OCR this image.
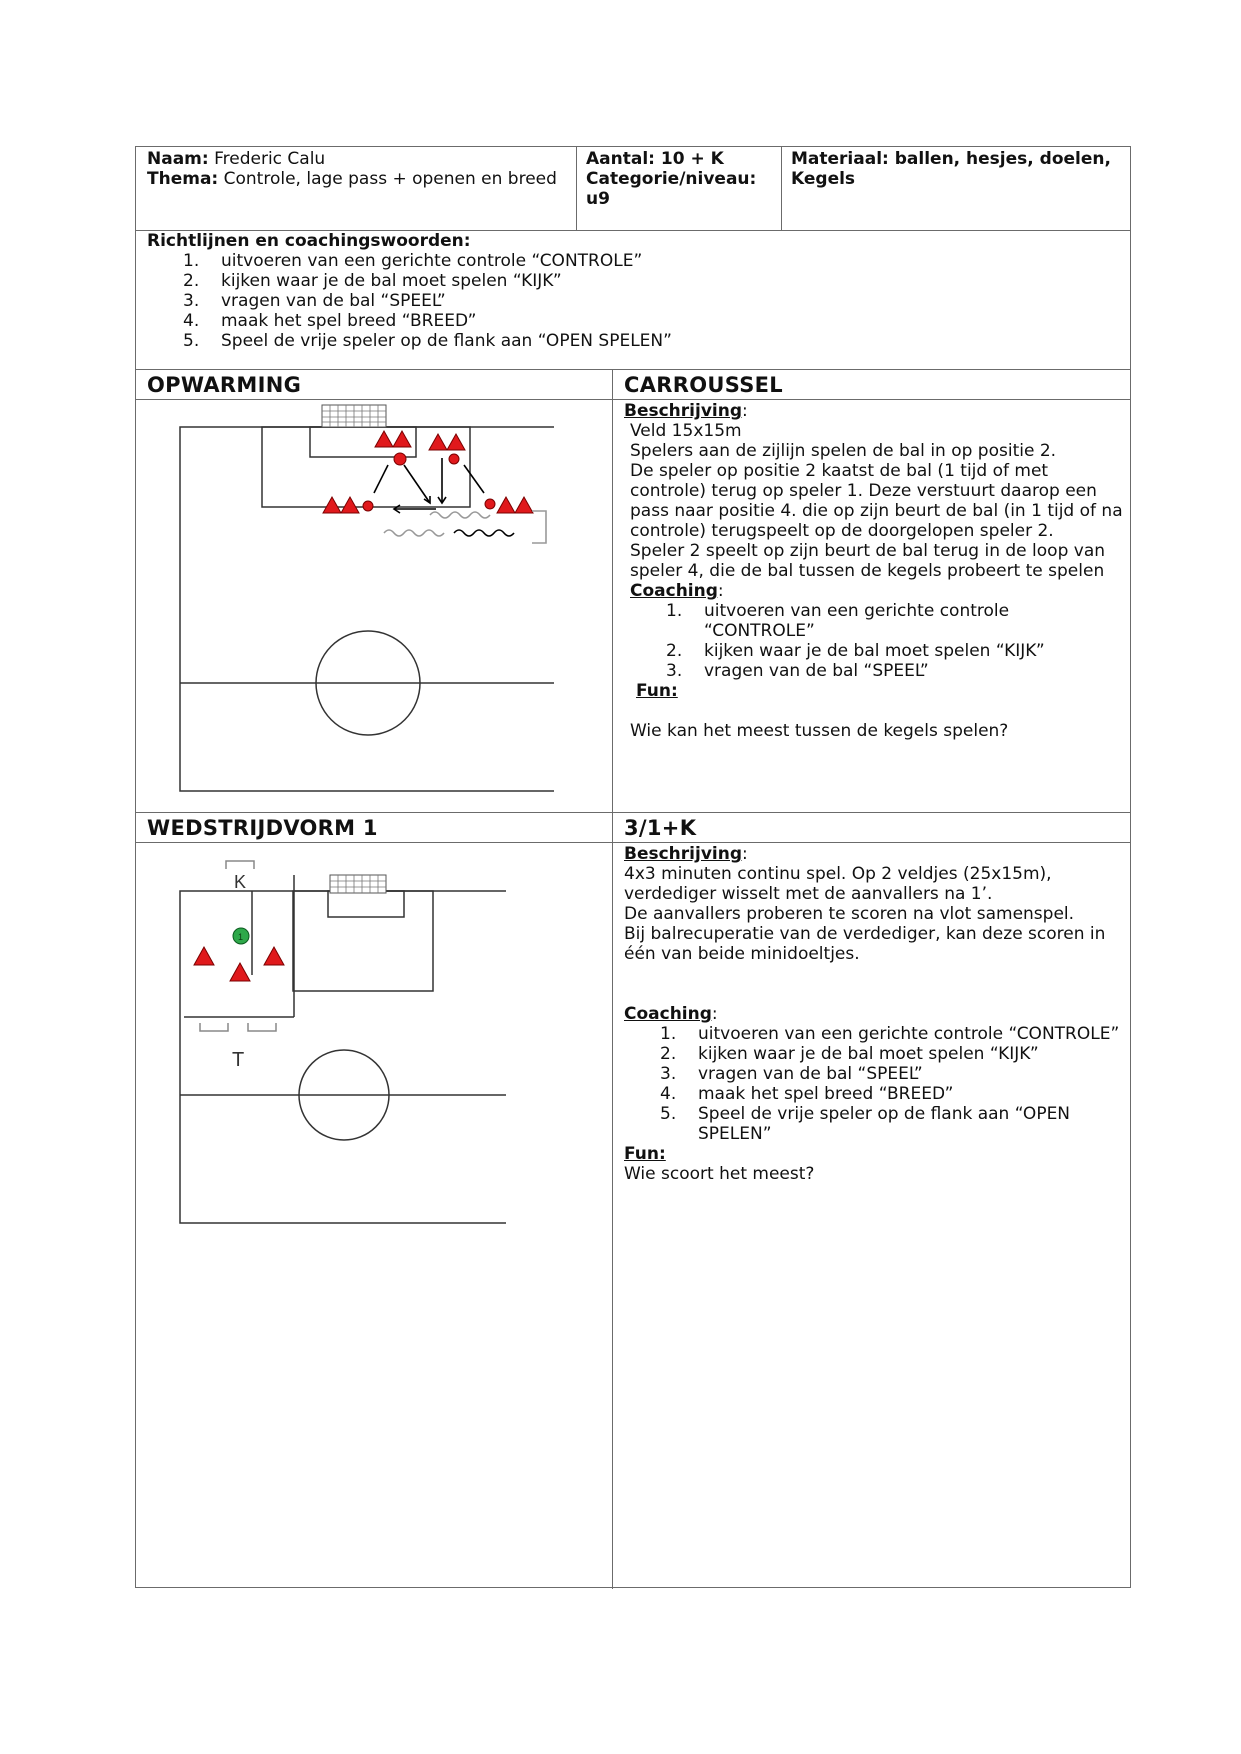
Naam: Frederic Calu
Thema: Controle, lage pass + openen en breed
Aantal: 10 + K
Categorie/niveau:
u9
Materiaal: ballen, hesjes, doelen,
Kegels
Richtlijnen en coachingswoorden:
1. uitvoeren van een gerichte controle “CONTROLE”
2. kijken waar je de bal moet spelen “KIJK”
3. vragen van de bal “SPEEL”
4. maak het spel breed “BREED”
5. Speel de vrije speler op de flank aan “OPEN SPELEN”
OPWARMING	CARROUSSEL
Beschrijving:
Veld 15x15m
Spelers aan de zijlijn spelen de bal in op positie 2.
De speler op positie 2 kaatst de bal (1 tijd of met
controle) terug op speler 1. Deze verstuurt daarop een
pass naar positie 4. die op zijn beurt de bal (in 1 tijd of na
controle) terugspeelt op de doorgelopen speler 2.
Speler 2 speelt op zijn beurt de bal terug in de loop van
speler 4, die de bal tussen de kegels probeert te spelen
Coaching:
1. uitvoeren van een gerichte controle “CONTROLE”
2. kijken waar je de bal moet spelen “KIJK”
3. vragen van de bal “SPEEL”
Fun:
Wie kan het meest tussen de kegels spelen?
WEDSTRIJDVORM 1	3/1+K
Beschrijving:
4x3 minuten continu spel. Op 2 veldjes (25x15m),
verdediger wisselt met de aanvallers na 1’.
De aanvallers proberen te scoren na vlot samenspel.
Bij balrecuperatie van de verdediger, kan deze scoren in
één van beide minidoeltjes.
Coaching:
1. uitvoeren van een gerichte controle “CONTROLE”
2. kijken waar je de bal moet spelen “KIJK”
3. vragen van de bal “SPEEL”
4. maak het spel breed “BREED”
5. Speel de vrije speler op de flank aan “OPEN
SPELEN”
Fun:
Wie scoort het meest?
K
T
1
